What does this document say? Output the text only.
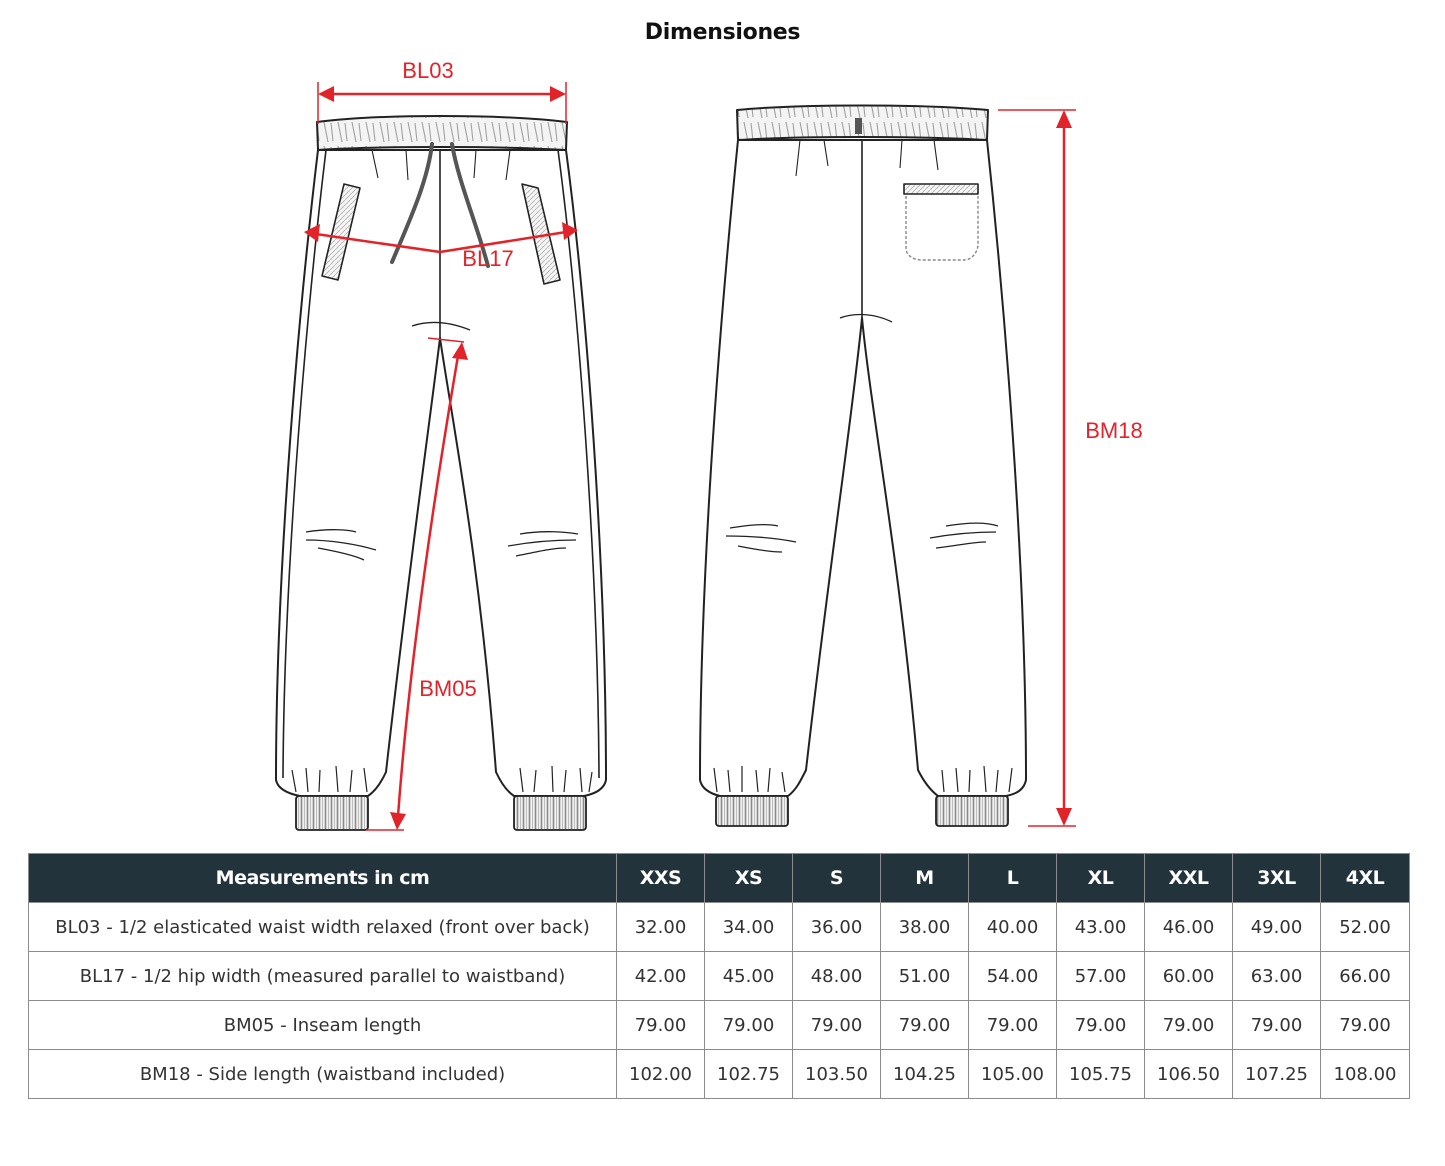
Dimensiones
BL03
BL17
BM05
BM18
Measurements in cm	XXS	XS	S	M	L	XL	XXL	3XL	4XL
BL03 - 1/2 elasticated waist width relaxed (front over back)	32.00	34.00	36.00	38.00	40.00	43.00	46.00	49.00	52.00
BL17 - 1/2 hip width (measured parallel to waistband)	42.00	45.00	48.00	51.00	54.00	57.00	60.00	63.00	66.00
BM05 - Inseam length	79.00	79.00	79.00	79.00	79.00	79.00	79.00	79.00	79.00
BM18 - Side length (waistband included)	102.00	102.75	103.50	104.25	105.00	105.75	106.50	107.25	108.00
